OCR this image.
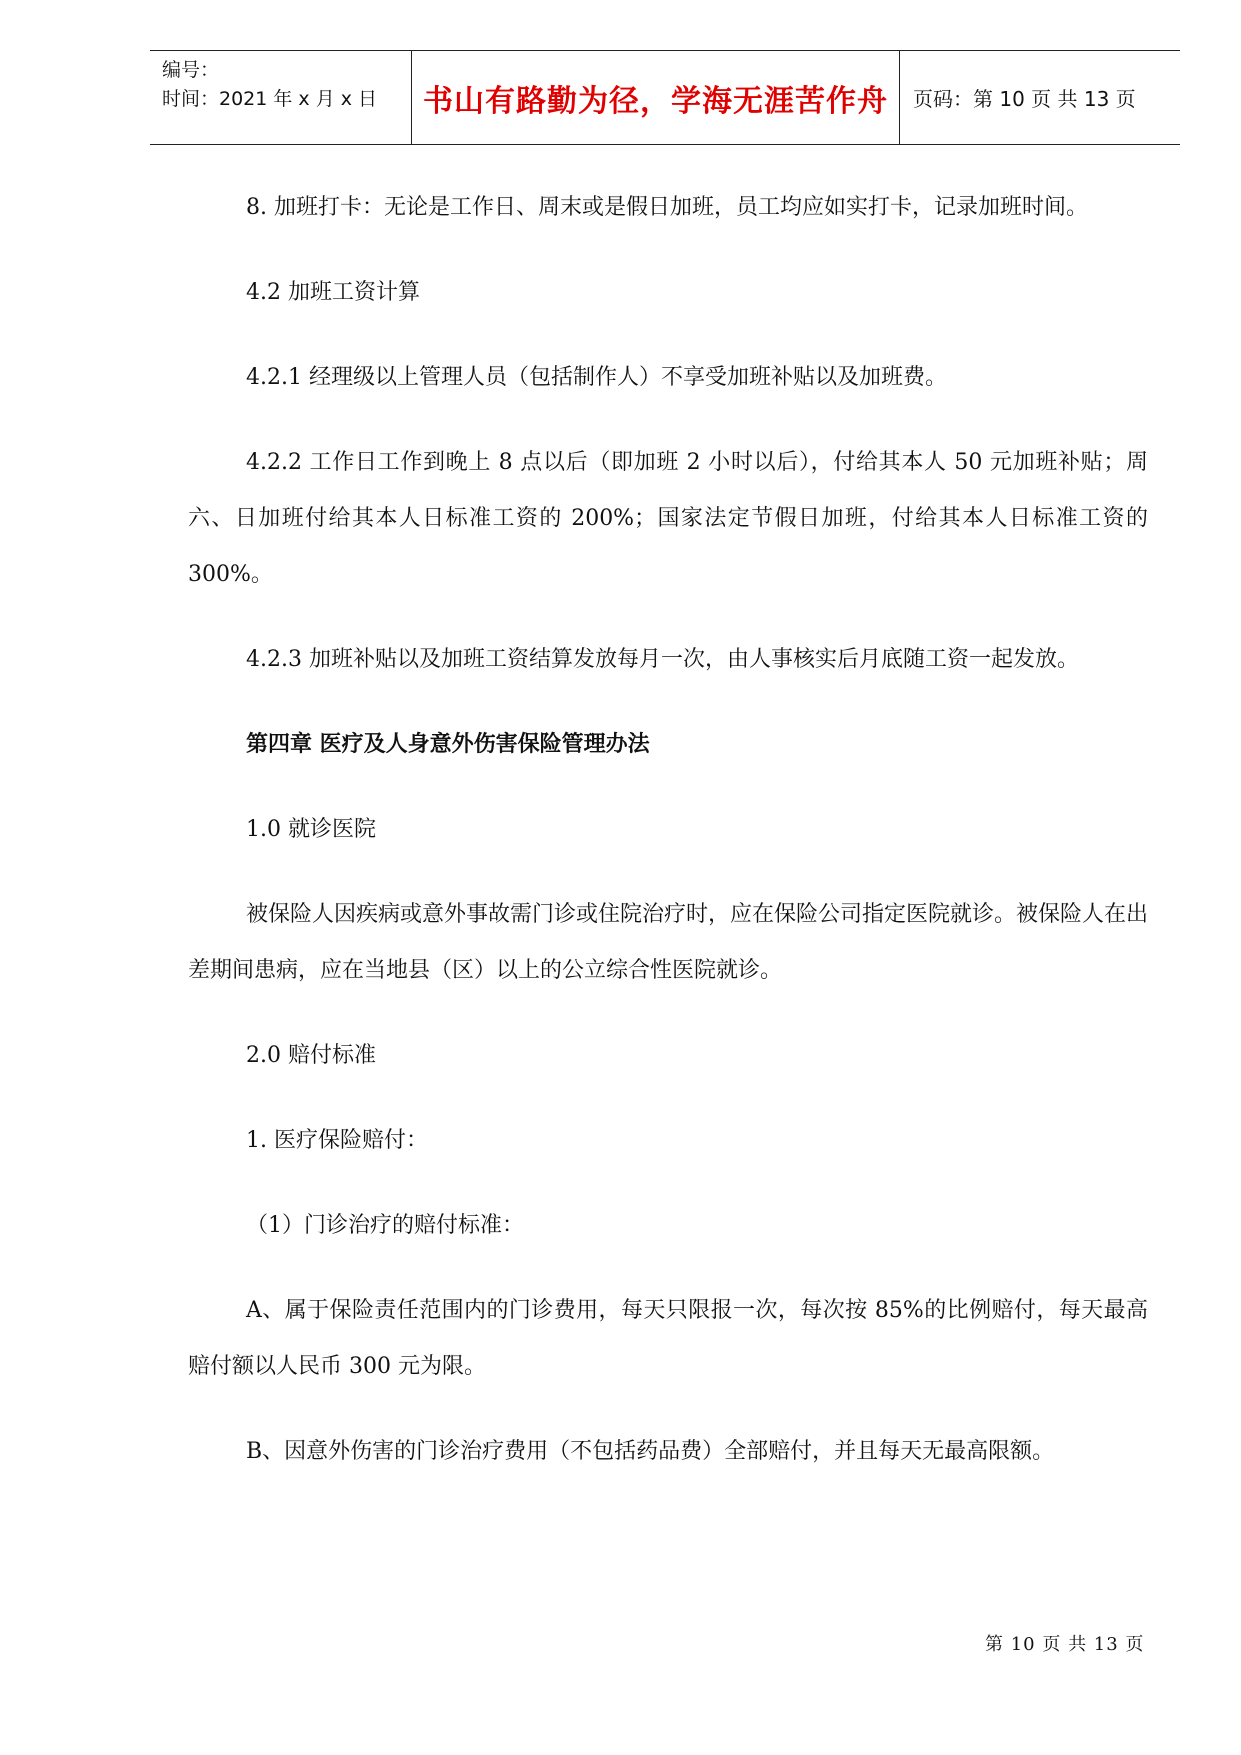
编号：
时间：2021 年 x 月 x 日 书山有路勤为径，学海无涯苦作舟	页码：第 10 页 共 13 页

8. 加班打卡：无论是工作日、周末或是假日加班，员工均应如实打卡，记录加班时间。

4.2 加班工资计算

4.2.1 经理级以上管理人员（包括制作人）不享受加班补贴以及加班费。

4.2.2 工作日工作到晚上 8 点以后（即加班 2 小时以后），付给其本人 50 元加班补贴；周六、日加班付给其本人日标准工资的 200%；国家法定节假日加班，付给其本人日标准工资的 300%。

4.2.3 加班补贴以及加班工资结算发放每月一次，由人事核实后月底随工资一起发放。

第四章 医疗及人身意外伤害保险管理办法

1.0 就诊医院

被保险人因疾病或意外事故需门诊或住院治疗时，应在保险公司指定医院就诊。被保险人在出差期间患病，应在当地县（区）以上的公立综合性医院就诊。

2.0 赔付标准

1. 医疗保险赔付：

（1）门诊治疗的赔付标准：

A、属于保险责任范围内的门诊费用，每天只限报一次，每次按 85%的比例赔付，每天最高赔付额以人民币 300 元为限。

B、因意外伤害的门诊治疗费用（不包括药品费）全部赔付，并且每天无最高限额。

第 10 页 共 13 页
